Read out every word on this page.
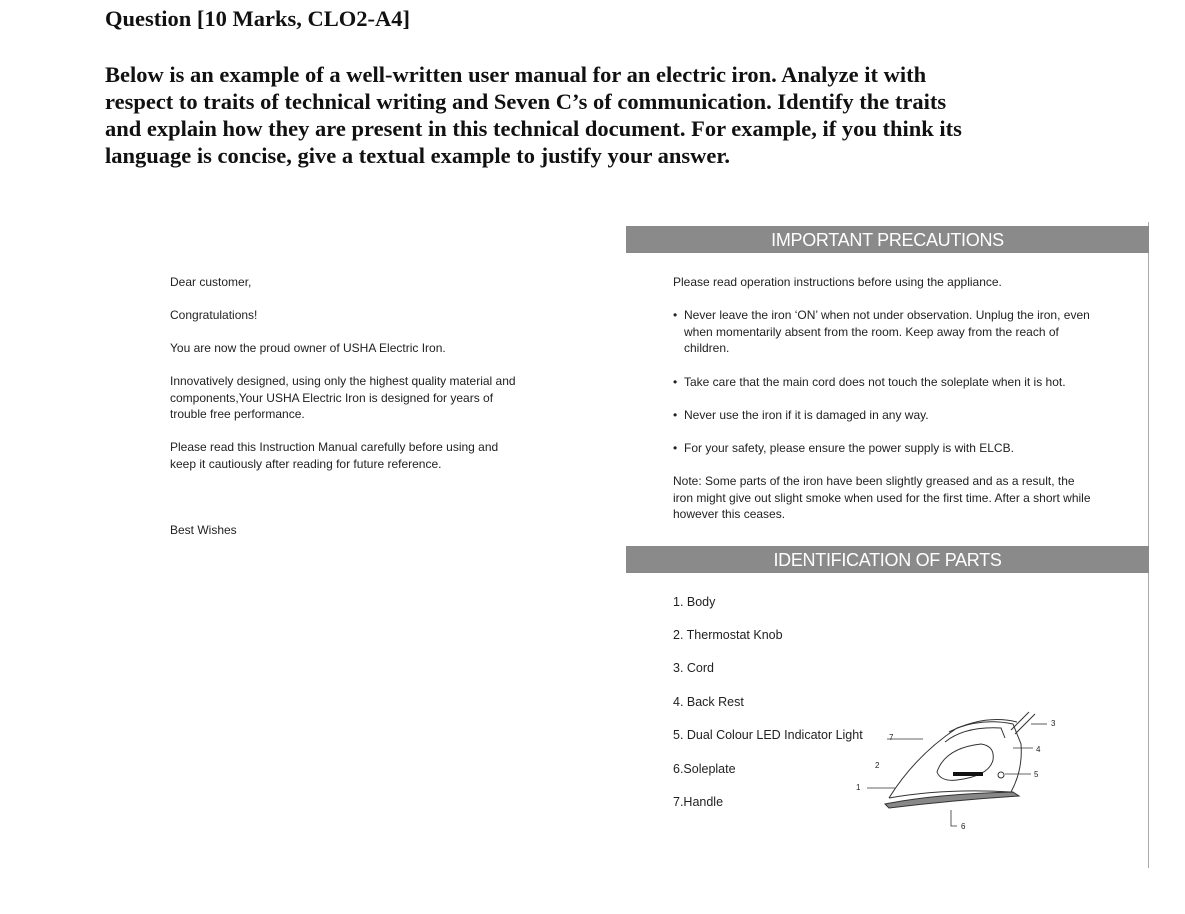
Question [10 Marks, CLO2-A4]
Below is an example of a well-written user manual for an electric iron. Analyze it with
respect to traits of technical writing and Seven C’s of communication. Identify the traits
and explain how they are present in this technical document. For example, if you think its
language is concise, give a textual example to justify your answer.
Dear customer,
Congratulations!
You are now the proud owner of USHA Electric Iron.
Innovatively designed, using only the highest quality material and
components,Your USHA Electric Iron is designed for years of
trouble free performance.
Please read this Instruction Manual carefully before using and
keep it cautiously after reading for future reference.
Best Wishes
IMPORTANT PRECAUTIONS
Please read operation instructions before using the appliance.
• Never leave the iron ‘ON’ when not under observation. Unplug the iron, even
when momentarily absent from the room. Keep away from the reach of
children.
• Take care that the main cord does not touch the soleplate when it is hot.
• Never use the iron if it is damaged in any way.
• For your safety, please ensure the power supply is with ELCB.
Note: Some parts of the iron have been slightly greased and as a result, the
iron might give out slight smoke when used for the first time. After a short while
however this ceases.
IDENTIFICATION OF PARTS
1. Body
2. Thermostat Knob
3. Cord
4. Back Rest
5. Dual Colour LED Indicator Light
6.Soleplate
7.Handle
1
2
3
4
5
6
7
